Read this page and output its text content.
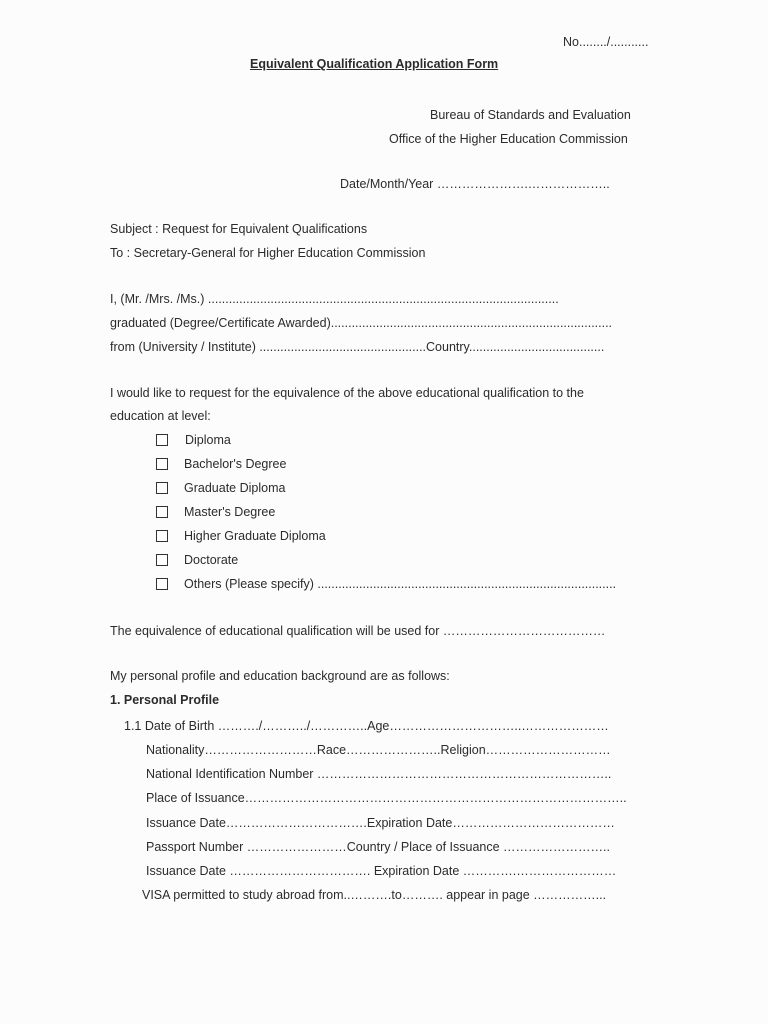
No......../...........
Equivalent Qualification Application Form
Bureau of Standards and Evaluation
Office of the Higher Education Commission
Date/Month/Year ………………….………………..
Subject : Request for Equivalent Qualifications
To : Secretary-General for Higher Education Commission
I, (Mr. /Mrs. /Ms.) .....................................................................................................
graduated (Degree/Certificate Awarded).................................................................................
from (University / Institute) ................................................Country.......................................
I would like to request for the equivalence of the above educational qualification to the
education at level:
Diploma
Bachelor's Degree
Graduate Diploma
Master's Degree
Higher Graduate Diploma
Doctorate
Others (Please specify) ......................................................................................
The equivalence of educational qualification will be used for …………………………………
My personal profile and education background are as follows:
1. Personal Profile
1.1 Date of Birth ………./………../…………..Age…………………………..…………………
Nationality………………………Race…………………..Religion…………………………
National Identification Number ……………………………………………………………..
Place of Issuance………………………………………………………………………………..
Issuance Date…………………………….Expiration Date…………………………………
Passport Number ……………………Country / Place of Issuance ……………………..
Issuance Date ……………………………. Expiration Date ………….……………………
VISA permitted to study abroad from..……….to………. appear in page ……………...
